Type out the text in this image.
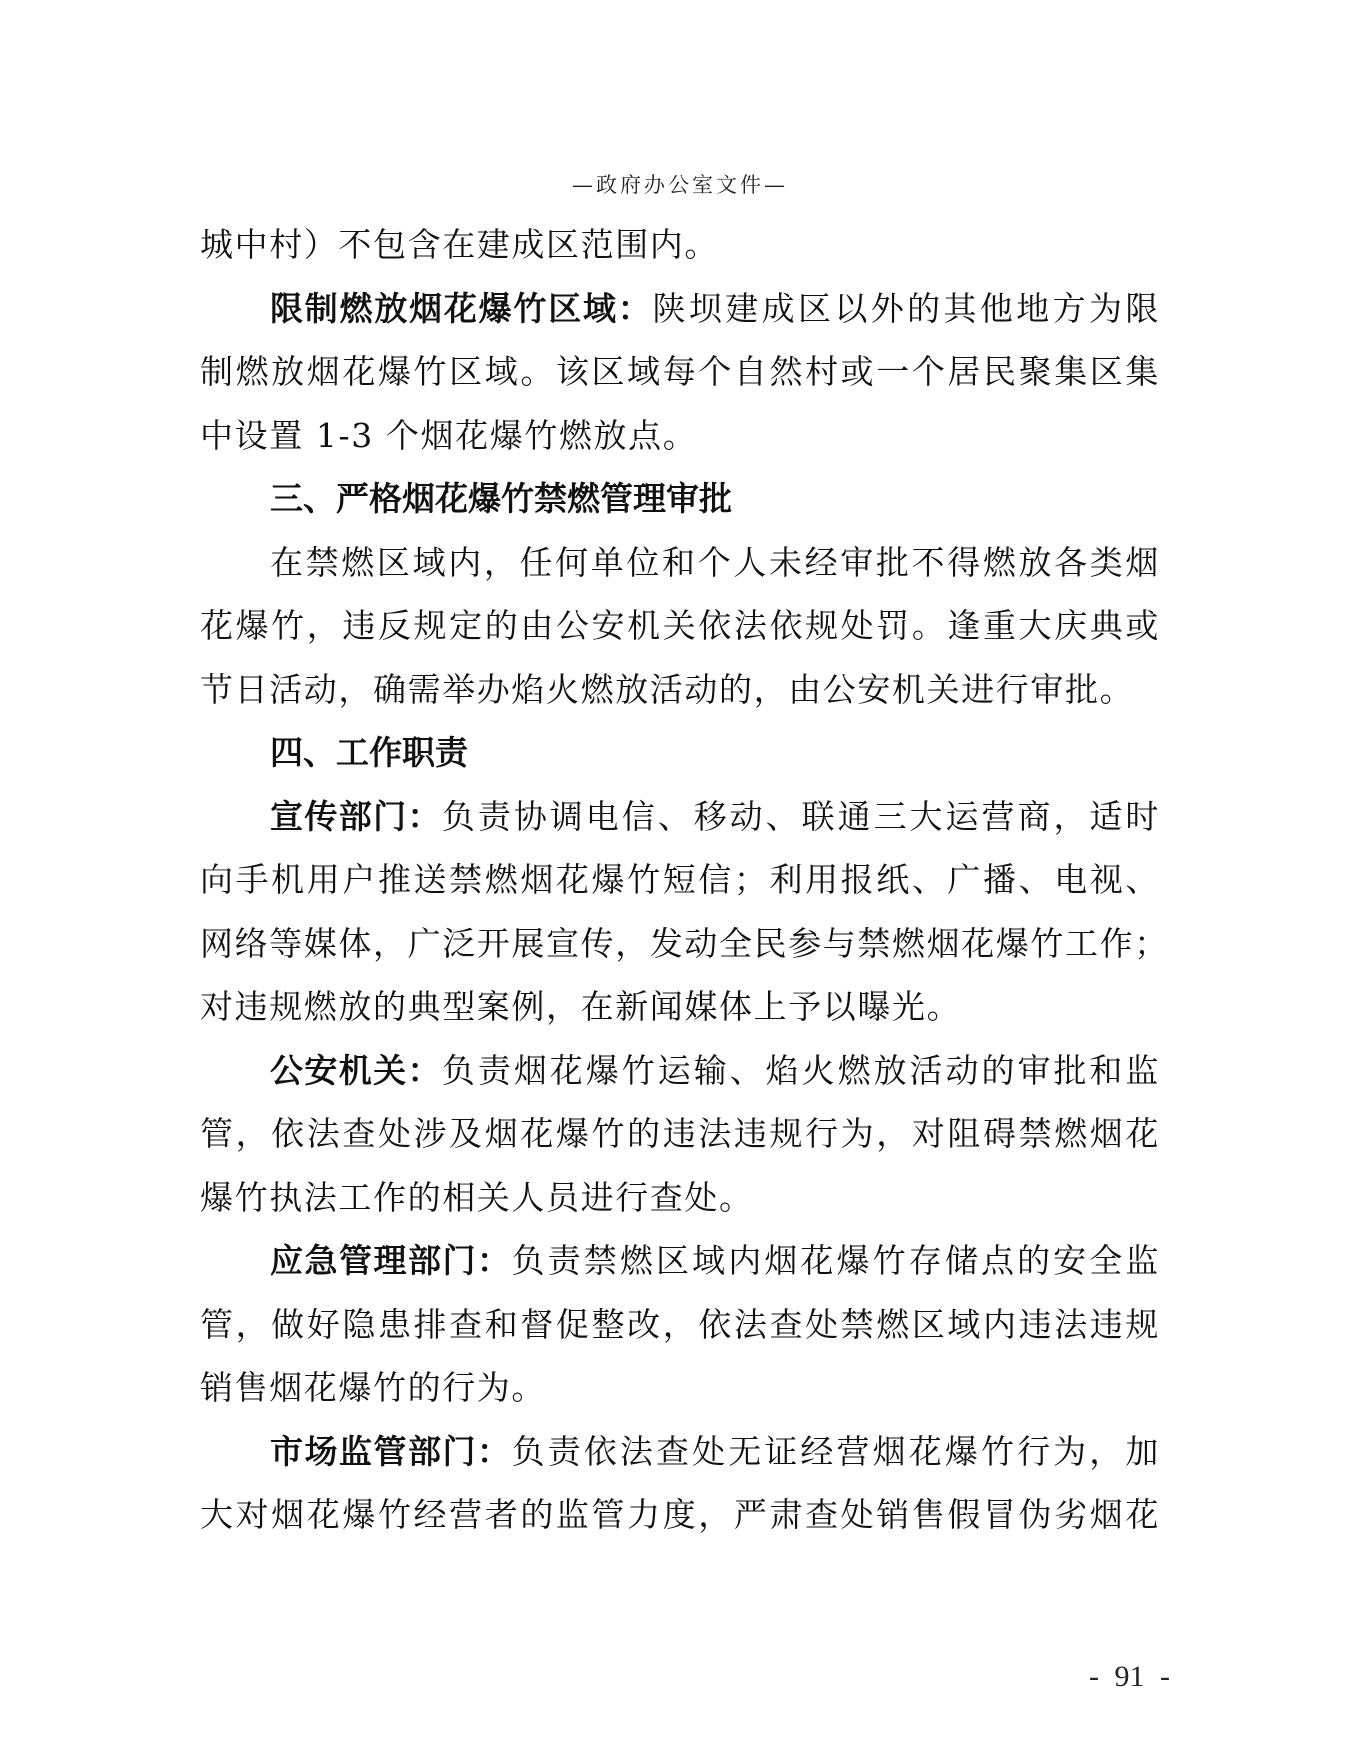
—政府办公室文件—
城中村）不包含在建成区范围内。
限制燃放烟花爆竹区域：陕坝建成区以外的其他地方为限
制燃放烟花爆竹区域。该区域每个自然村或一个居民聚集区集
中设置 1-3 个烟花爆竹燃放点。
三、严格烟花爆竹禁燃管理审批
在禁燃区域内，任何单位和个人未经审批不得燃放各类烟
花爆竹，违反规定的由公安机关依法依规处罚。逢重大庆典或
节日活动，确需举办焰火燃放活动的，由公安机关进行审批。
四、工作职责
宣传部门：负责协调电信、移动、联通三大运营商，适时
向手机用户推送禁燃烟花爆竹短信；利用报纸、广播、电视、
网络等媒体，广泛开展宣传，发动全民参与禁燃烟花爆竹工作；
对违规燃放的典型案例，在新闻媒体上予以曝光。
公安机关：负责烟花爆竹运输、焰火燃放活动的审批和监
管，依法查处涉及烟花爆竹的违法违规行为，对阻碍禁燃烟花
爆竹执法工作的相关人员进行查处。
应急管理部门：负责禁燃区域内烟花爆竹存储点的安全监
管，做好隐患排查和督促整改，依法查处禁燃区域内违法违规
销售烟花爆竹的行为。
市场监管部门：负责依法查处无证经营烟花爆竹行为，加
大对烟花爆竹经营者的监管力度，严肃查处销售假冒伪劣烟花
- 91 -
